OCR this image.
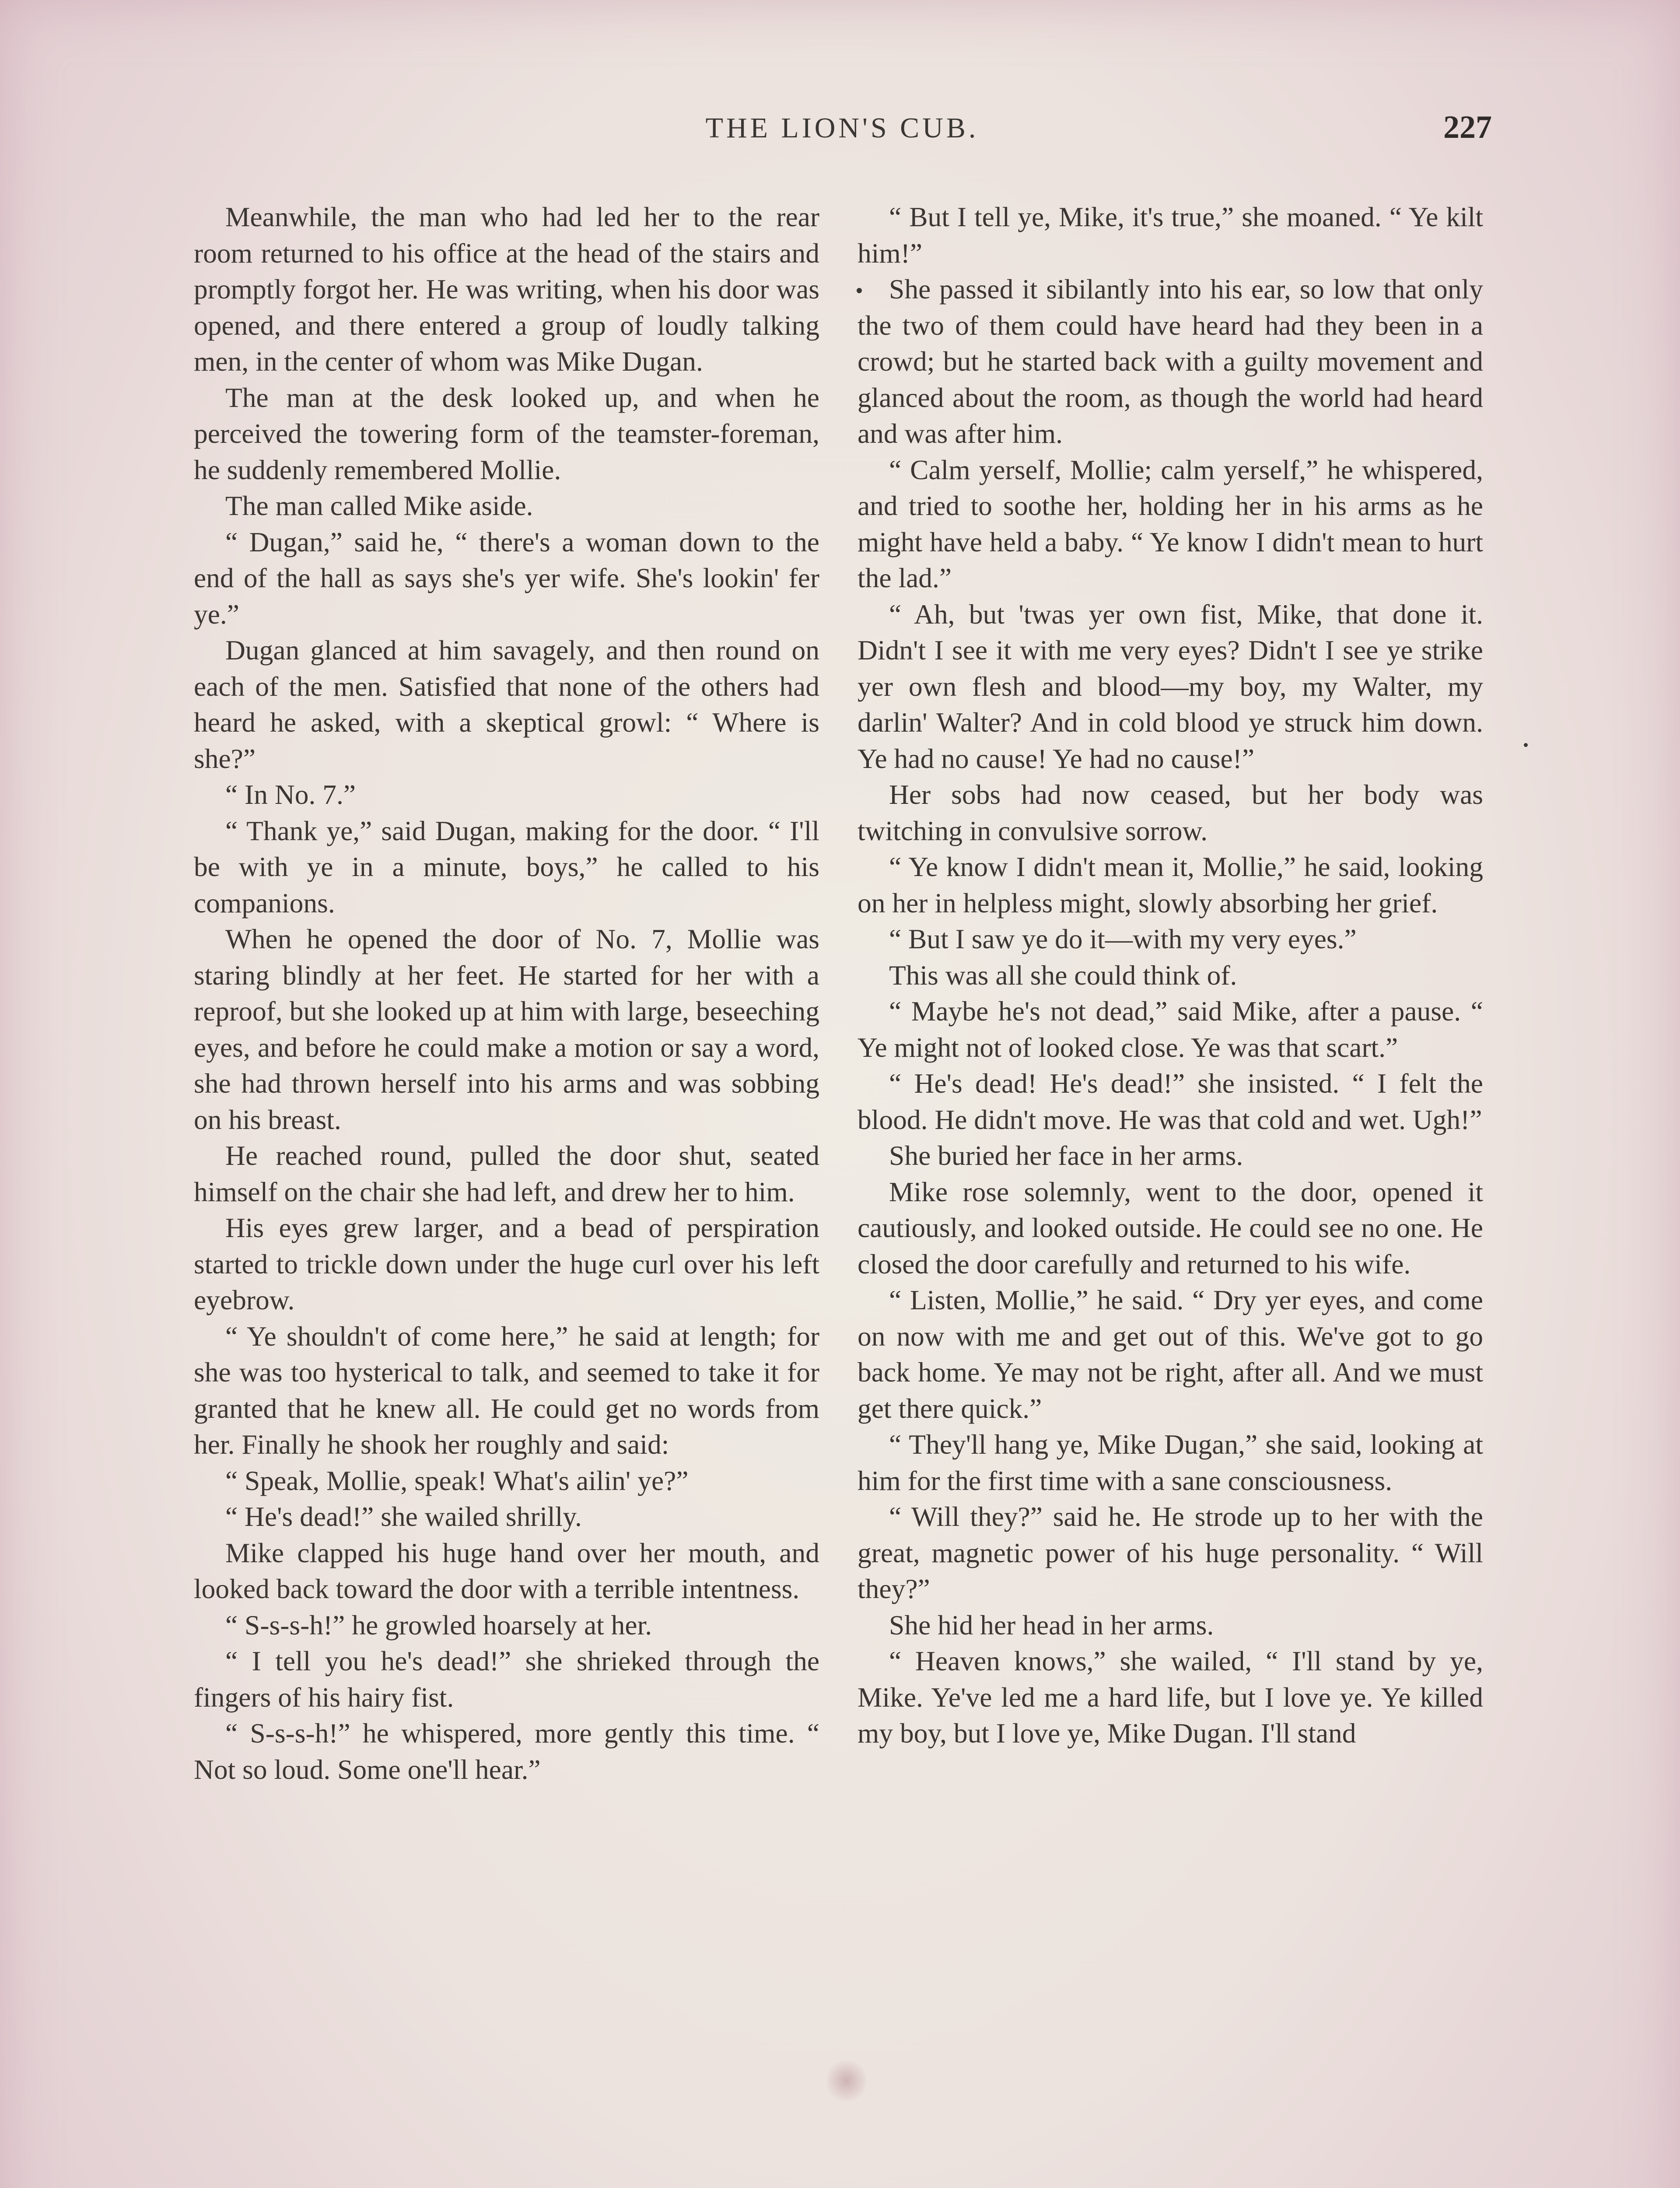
THE LION'S CUB.	227

Meanwhile, the man who had led her to the rear room returned to his office at the head of the stairs and promptly forgot her. He was writing, when his door was opened, and there entered a group of loudly talking men, in the center of whom was Mike Dugan.

The man at the desk looked up, and when he perceived the towering form of the teamster-foreman, he suddenly remembered Mollie.

The man called Mike aside.

“ Dugan,” said he, “ there's a woman down to the end of the hall as says she's yer wife. She's lookin' fer ye.”

Dugan glanced at him savagely, and then round on each of the men. Satisfied that none of the others had heard he asked, with a skeptical growl: “ Where is she?”

“ In No. 7.”

“ Thank ye,” said Dugan, making for the door. “ I'll be with ye in a minute, boys,” he called to his companions.

When he opened the door of No. 7, Mollie was staring blindly at her feet. He started for her with a reproof, but she looked up at him with large, beseeching eyes, and before he could make a motion or say a word, she had thrown herself into his arms and was sobbing on his breast.

He reached round, pulled the door shut, seated himself on the chair she had left, and drew her to him.

His eyes grew larger, and a bead of perspiration started to trickle down under the huge curl over his left eyebrow.

“ Ye shouldn't of come here,” he said at length; for she was too hysterical to talk, and seemed to take it for granted that he knew all. He could get no words from her. Finally he shook her roughly and said:

“ Speak, Mollie, speak! What's ailin' ye?”

“ He's dead!” she wailed shrilly.

Mike clapped his huge hand over her mouth, and looked back toward the door with a terrible intentness.

“ S-s-s-h!” he growled hoarsely at her.

“ I tell you he's dead!” she shrieked through the fingers of his hairy fist.

“ S-s-s-h!” he whispered, more gently this time. “ Not so loud. Some one'll hear.”

“ But I tell ye, Mike, it's true,” she moaned. “ Ye kilt him!”

She passed it sibilantly into his ear, so low that only the two of them could have heard had they been in a crowd; but he started back with a guilty movement and glanced about the room, as though the world had heard and was after him.

“ Calm yerself, Mollie; calm yerself,” he whispered, and tried to soothe her, holding her in his arms as he might have held a baby. “ Ye know I didn't mean to hurt the lad.”

“ Ah, but 'twas yer own fist, Mike, that done it. Didn't I see it with me very eyes? Didn't I see ye strike yer own flesh and blood—my boy, my Walter, my darlin' Walter? And in cold blood ye struck him down. Ye had no cause! Ye had no cause!”

Her sobs had now ceased, but her body was twitching in convulsive sorrow.

“ Ye know I didn't mean it, Mollie,” he said, looking on her in helpless might, slowly absorbing her grief.

“ But I saw ye do it—with my very eyes.”

This was all she could think of.

“ Maybe he's not dead,” said Mike, after a pause. “ Ye might not of looked close. Ye was that scart.”

“ He's dead! He's dead!” she insisted. “ I felt the blood. He didn't move. He was that cold and wet. Ugh!”

She buried her face in her arms.

Mike rose solemnly, went to the door, opened it cautiously, and looked outside. He could see no one. He closed the door carefully and returned to his wife.

“ Listen, Mollie,” he said. “ Dry yer eyes, and come on now with me and get out of this. We've got to go back home. Ye may not be right, after all. And we must get there quick.”

“ They'll hang ye, Mike Dugan,” she said, looking at him for the first time with a sane consciousness.

“ Will they?” said he. He strode up to her with the great, magnetic power of his huge personality. “ Will they?”

She hid her head in her arms.

“ Heaven knows,” she wailed, “ I'll stand by ye, Mike. Ye've led me a hard life, but I love ye. Ye killed my boy, but I love ye, Mike Dugan. I'll stand
